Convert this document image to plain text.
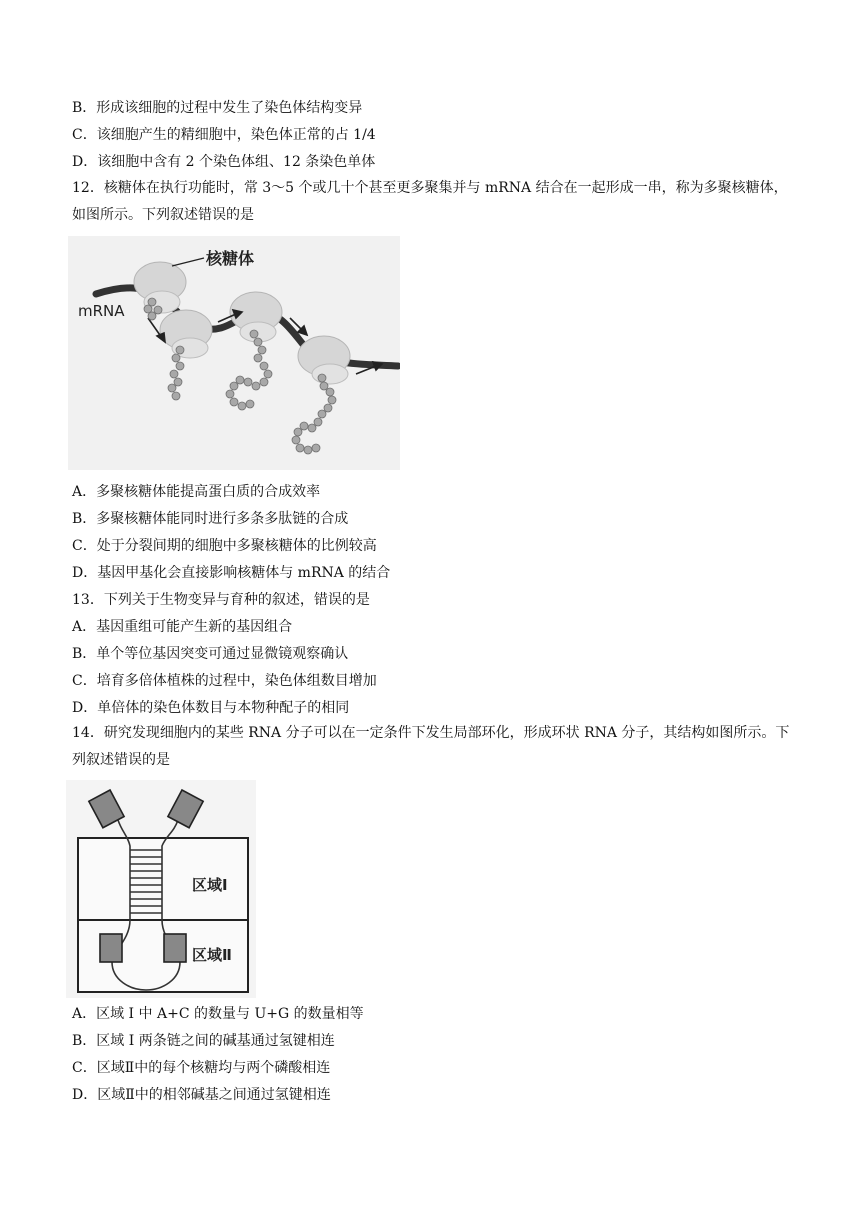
B．形成该细胞的过程中发生了染色体结构变异
C．该细胞产生的精细胞中，染色体正常的占 1/4
D．该细胞中含有 2 个染色体组、12 条染色单体
12．核糖体在执行功能时，常 3～5 个或几十个甚至更多聚集并与 mRNA 结合在一起形成一串，称为多聚核糖体，如图所示。下列叙述错误的是
核糖体
mRNA
A．多聚核糖体能提高蛋白质的合成效率
B．多聚核糖体能同时进行多条多肽链的合成
C．处于分裂间期的细胞中多聚核糖体的比例较高
D．基因甲基化会直接影响核糖体与 mRNA 的结合
13．下列关于生物变异与育种的叙述，错误的是
A．基因重组可能产生新的基因组合
B．单个等位基因突变可通过显微镜观察确认
C．培育多倍体植株的过程中，染色体组数目增加
D．单倍体的染色体数目与本物种配子的相同
14．研究发现细胞内的某些 RNA 分子可以在一定条件下发生局部环化，形成环状 RNA 分子，其结构如图所示。下列叙述错误的是
区域Ⅰ
区域Ⅱ
A．区域 I 中 A+C 的数量与 U+G 的数量相等
B．区域 I 两条链之间的碱基通过氢键相连
C．区域Ⅱ中的每个核糖均与两个磷酸相连
D．区域Ⅱ中的相邻碱基之间通过氢键相连
